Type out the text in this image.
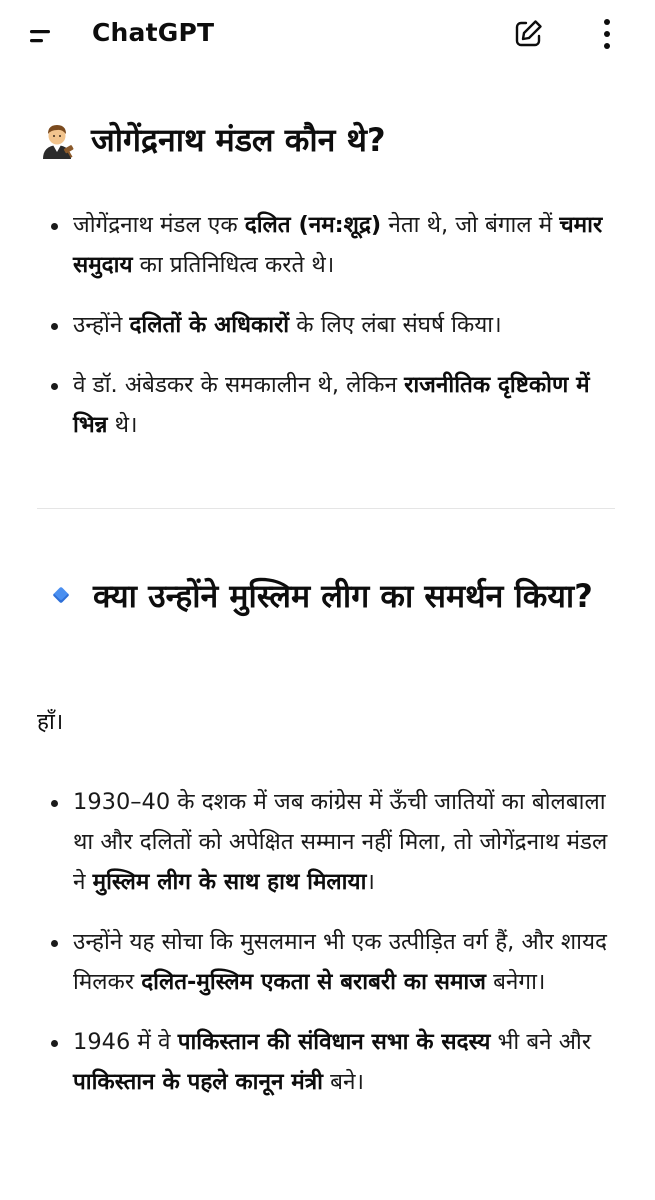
ChatGPT
जोगेंद्रनाथ मंडल कौन थे?
जोगेंद्रनाथ मंडल एक दलित (नम:शूद्र) नेता थे, जो बंगाल में चमार समुदाय का प्रतिनिधित्व करते थे।
उन्होंने दलितों के अधिकारों के लिए लंबा संघर्ष किया।
वे डॉ. अंबेडकर के समकालीन थे, लेकिन राजनीतिक दृष्टिकोण में भिन्न थे।
क्या उन्होंने मुस्लिम लीग का समर्थन किया?
हाँ।
1930–40 के दशक में जब कांग्रेस में ऊँची जातियों का बोलबाला था और दलितों को अपेक्षित सम्मान नहीं मिला, तो जोगेंद्रनाथ मंडल ने मुस्लिम लीग के साथ हाथ मिलाया।
उन्होंने यह सोचा कि मुसलमान भी एक उत्पीड़ित वर्ग हैं, और शायद मिलकर दलित-मुस्लिम एकता से बराबरी का समाज बनेगा।
1946 में वे पाकिस्तान की संविधान सभा के सदस्य भी बने और पाकिस्तान के पहले कानून मंत्री बने।
